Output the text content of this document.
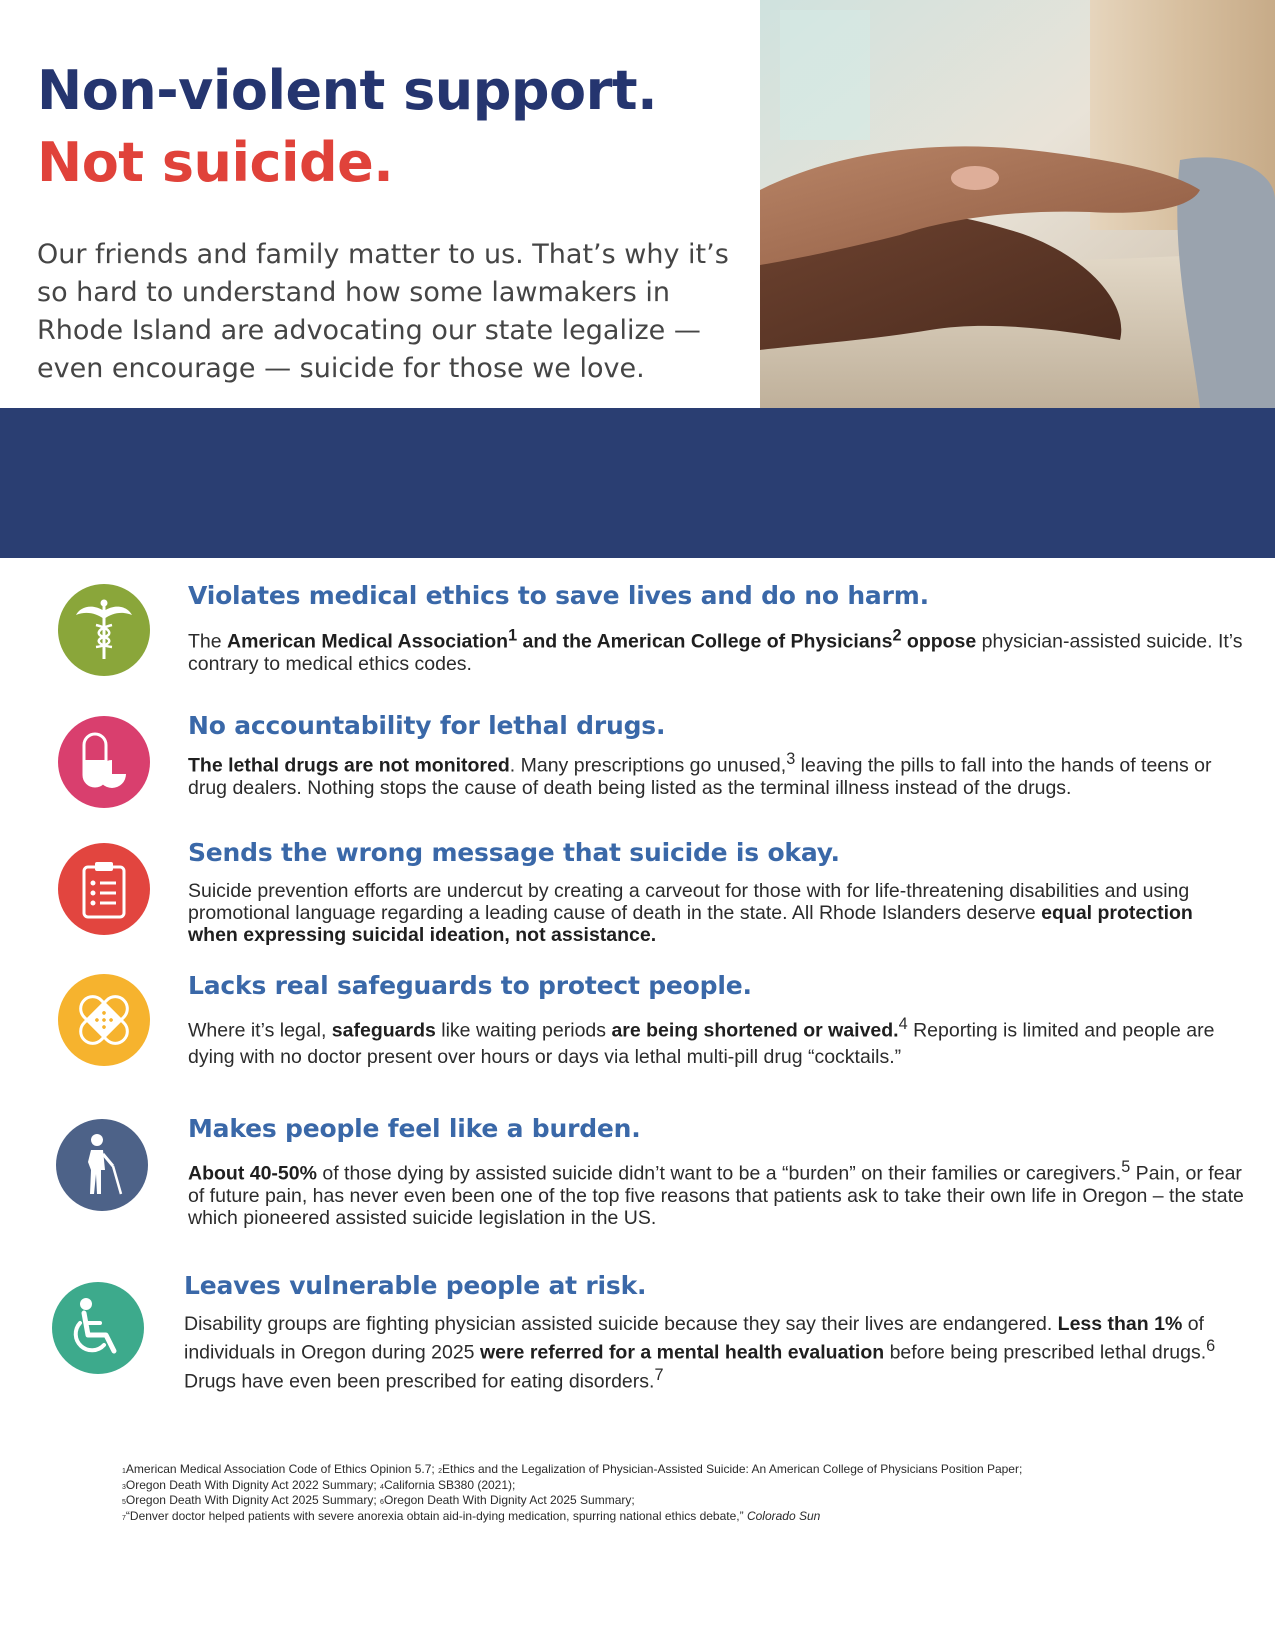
Non-violent support.
Not suicide.

Our friends and family matter to us. That’s why it’s so hard to understand how some lawmakers in Rhode Island are advocating our state legalize — even encourage — suicide for those we love.

Violates medical ethics to save lives and do no harm.

The American Medical Association$^1$ and the American College of Physicians$^2$ oppose physician-assisted suicide. It’s contrary to medical ethics codes.

No accountability for lethal drugs.

The lethal drugs are not monitored. Many prescriptions go unused,$^3$ leaving the pills to fall into the hands of teens or drug dealers. Nothing stops the cause of death being listed as the terminal illness instead of the drugs.

Sends the wrong message that suicide is okay.

Suicide prevention efforts are undercut by creating a carveout for those with for life-threatening disabilities and using promotional language regarding a leading cause of death in the state. All Rhode Islanders deserve equal protection when expressing suicidal ideation, not assistance.

Lacks real safeguards to protect people.

Where it’s legal, safeguards like waiting periods are being shortened or waived.$^4$ Reporting is limited and people are dying with no doctor present over hours or days via lethal multi-pill drug “cocktails.”

Makes people feel like a burden.

About 40-50% of those dying by assisted suicide didn’t want to be a “burden” on their families or caregivers.$^5$ Pain, or fear of future pain, has never even been one of the top five reasons that patients ask to take their own life in Oregon – the state which pioneered assisted suicide legislation in the US.

Leaves vulnerable people at risk.

Disability groups are fighting physician assisted suicide because they say their lives are endangered. Less than 1% of individuals in Oregon during 2025 were referred for a mental health evaluation before being prescribed lethal drugs.$^6$ Drugs have even been prescribed for eating disorders.$^7$

1American Medical Association Code of Ethics Opinion 5.7; 2Ethics and the Legalization of Physician-Assisted Suicide: An American College of Physicians Position Paper;
3Oregon Death With Dignity Act 2022 Summary; 4California SB380 (2021);
5Oregon Death With Dignity Act 2025 Summary; 6Oregon Death With Dignity Act 2025 Summary;
7“Denver doctor helped patients with severe anorexia obtain aid-in-dying medication, spurring national ethics debate,” Colorado Sun
